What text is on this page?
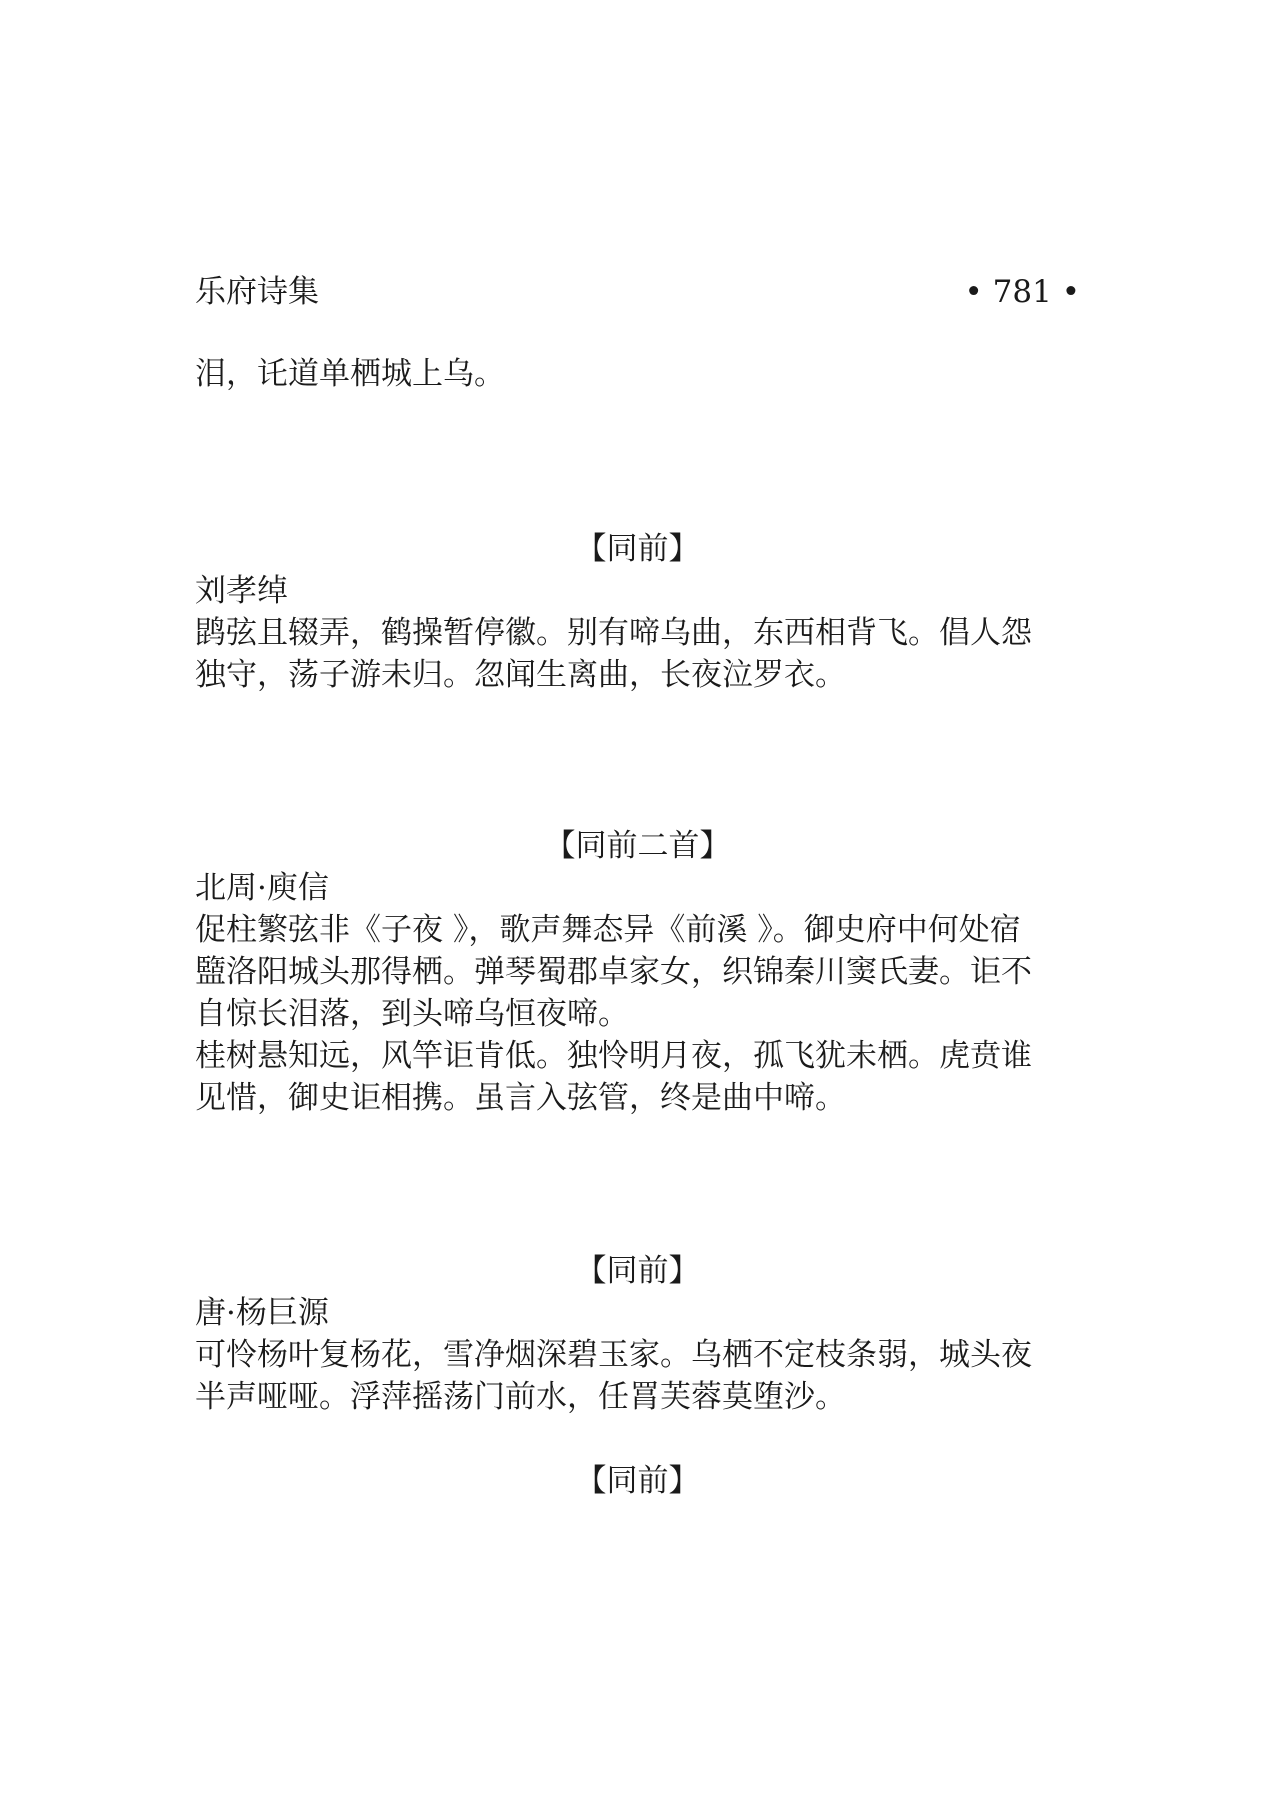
乐府诗集	• 781 •
泪，讬道单栖城上乌。
【同前】
刘孝绰
鹍弦且辍弄，鹤操暂停徽。别有啼乌曲，东西相背飞。倡人怨
独守，荡子游未归。忽闻生离曲，长夜泣罗衣。
【同前二首】
北周·庾信
促柱繁弦非《子夜 》，歌声舞态异《前溪 》。御史府中何处宿
盬洛阳城头那得栖。弹琴蜀郡卓家女，织锦秦川窦氏妻。讵不
自惊长泪落，到头啼乌恒夜啼。
桂树悬知远，风竿讵肯低。独怜明月夜，孤飞犹未栖。虎贲谁
见惜，御史讵相携。虽言入弦管，终是曲中啼。
【同前】
唐·杨巨源
可怜杨叶复杨花，雪净烟深碧玉家。乌栖不定枝条弱，城头夜
半声哑哑。浮萍摇荡门前水，任罥芙蓉莫堕沙。
【同前】
